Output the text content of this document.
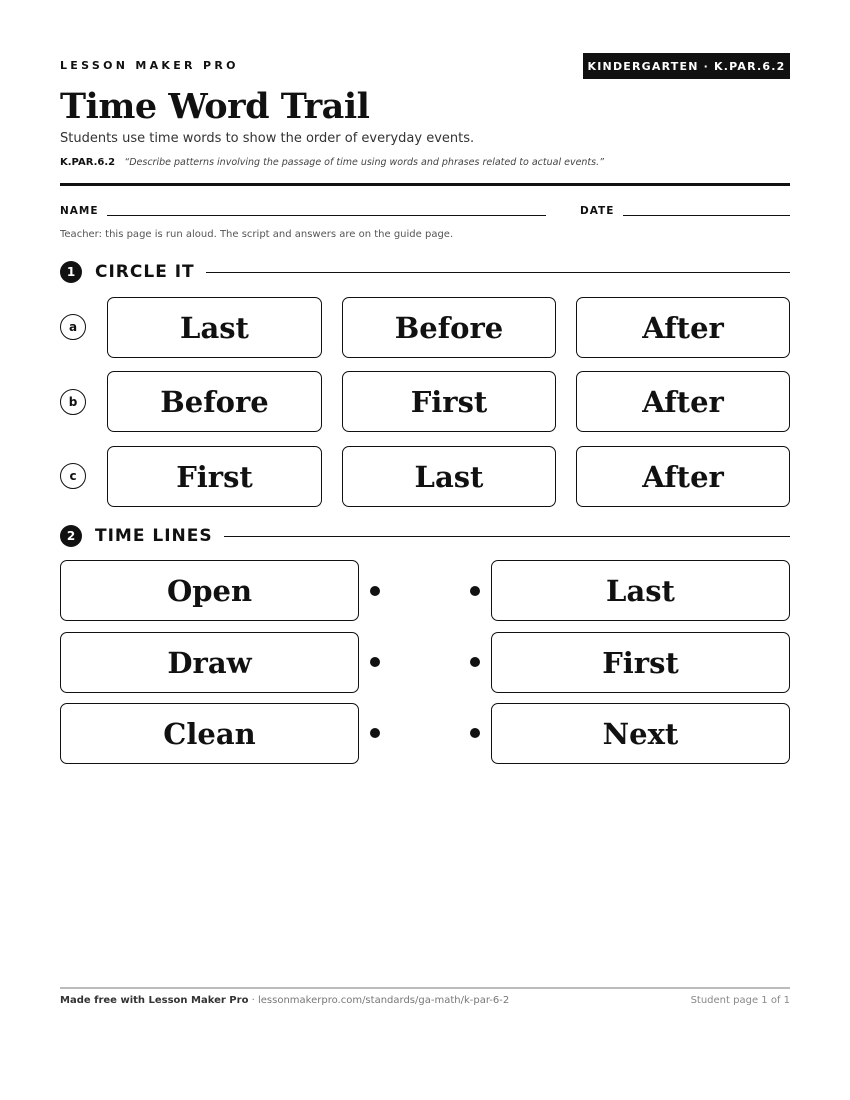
LESSON MAKER PRO	KINDERGARTEN · K.PAR.6.2
Time Word Trail
Students use time words to show the order of everyday events.
K.PAR.6.2 “Describe patterns involving the passage of time using words and phrases related to actual events.”
NAME	DATE
Teacher: this page is run aloud. The script and answers are on the guide page.
1	CIRCLE IT
a	Last	Before	After
b	Before	First	After
c	First	Last	After
2	TIME LINES
Open	Last
Draw	First
Clean	Next
Made free with Lesson Maker Pro · lessonmakerpro.com/standards/ga-math/k-par-6-2	Student page 1 of 1
